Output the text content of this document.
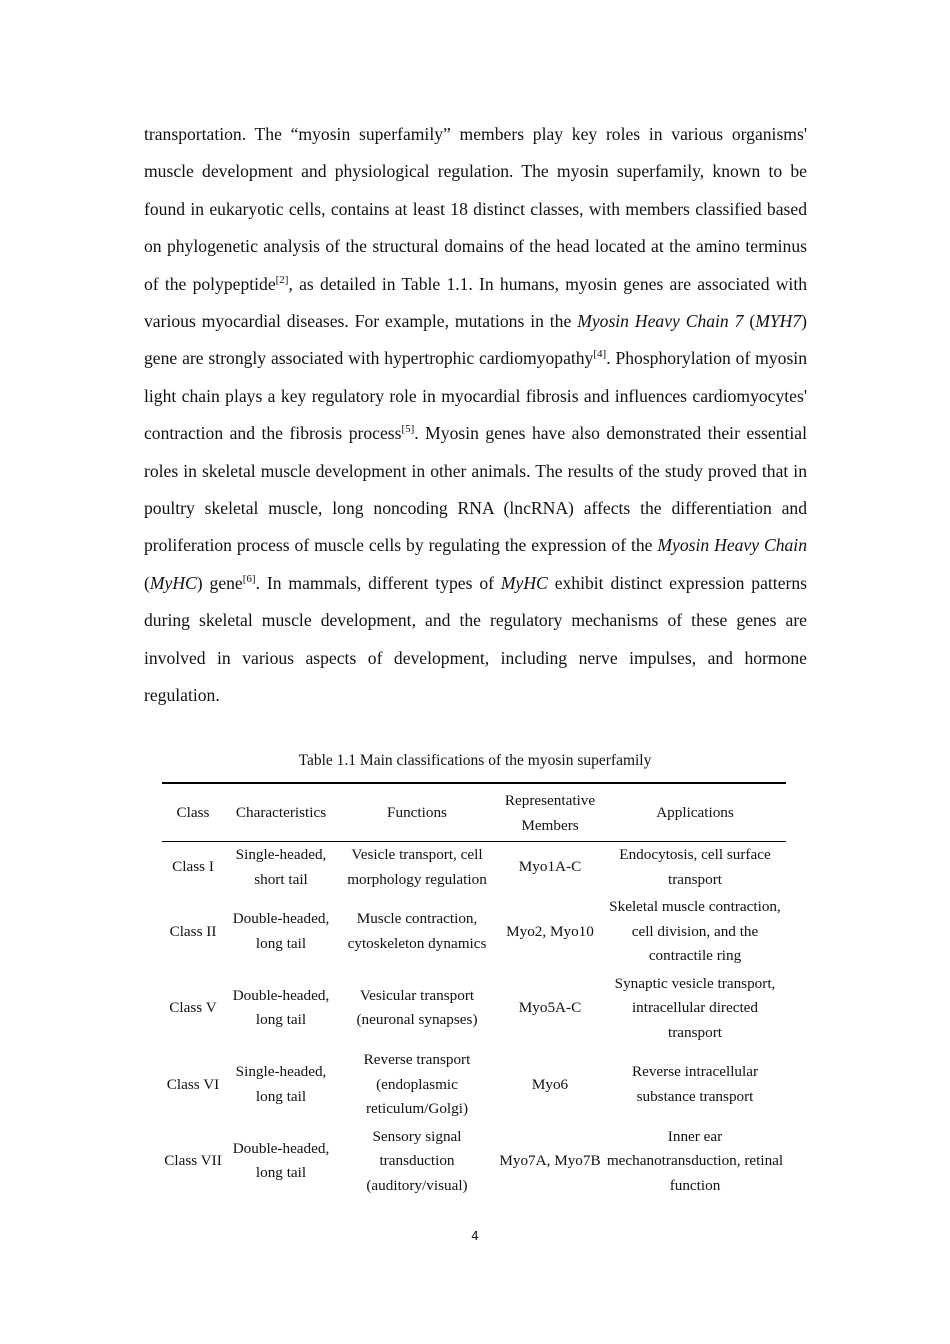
transportation. The “myosin superfamily” members play key roles in various organisms' muscle development and physiological regulation. The myosin superfamily, known to be found in eukaryotic cells, contains at least 18 distinct classes, with members classified based on phylogenetic analysis of the structural domains of the head located at the amino terminus of the polypeptide[2], as detailed in Table 1.1. In humans, myosin genes are associated with various myocardial diseases. For example, mutations in the Myosin Heavy Chain 7 (MYH7) gene are strongly associated with hypertrophic cardiomyopathy[4]. Phosphorylation of myosin light chain plays a key regulatory role in myocardial fibrosis and influences cardiomyocytes' contraction and the fibrosis process[5]. Myosin genes have also demonstrated their essential roles in skeletal muscle development in other animals. The results of the study proved that in poultry skeletal muscle, long noncoding RNA (lncRNA) affects the differentiation and proliferation process of muscle cells by regulating the expression of the Myosin Heavy Chain (MyHC) gene[6]. In mammals, different types of MyHC exhibit distinct expression patterns during skeletal muscle development, and the regulatory mechanisms of these genes are involved in various aspects of development, including nerve impulses, and hormone regulation.

Table 1.1 Main classifications of the myosin superfamily

Class	Characteristics	Functions	Representative Members	Applications
Class I	Single-headed, short tail	Vesicle transport, cell morphology regulation	Myo1A-C	Endocytosis, cell surface transport
Class II	Double-headed, long tail	Muscle contraction, cytoskeleton dynamics	Myo2, Myo10	Skeletal muscle contraction, cell division, and the contractile ring
Class V	Double-headed, long tail	Vesicular transport (neuronal synapses)	Myo5A-C	Synaptic vesicle transport, intracellular directed transport
Class VI	Single-headed, long tail	Reverse transport (endoplasmic reticulum/Golgi)	Myo6	Reverse intracellular substance transport
Class VII	Double-headed, long tail	Sensory signal transduction (auditory/visual)	Myo7A, Myo7B	Inner ear mechanotransduction, retinal function

4
